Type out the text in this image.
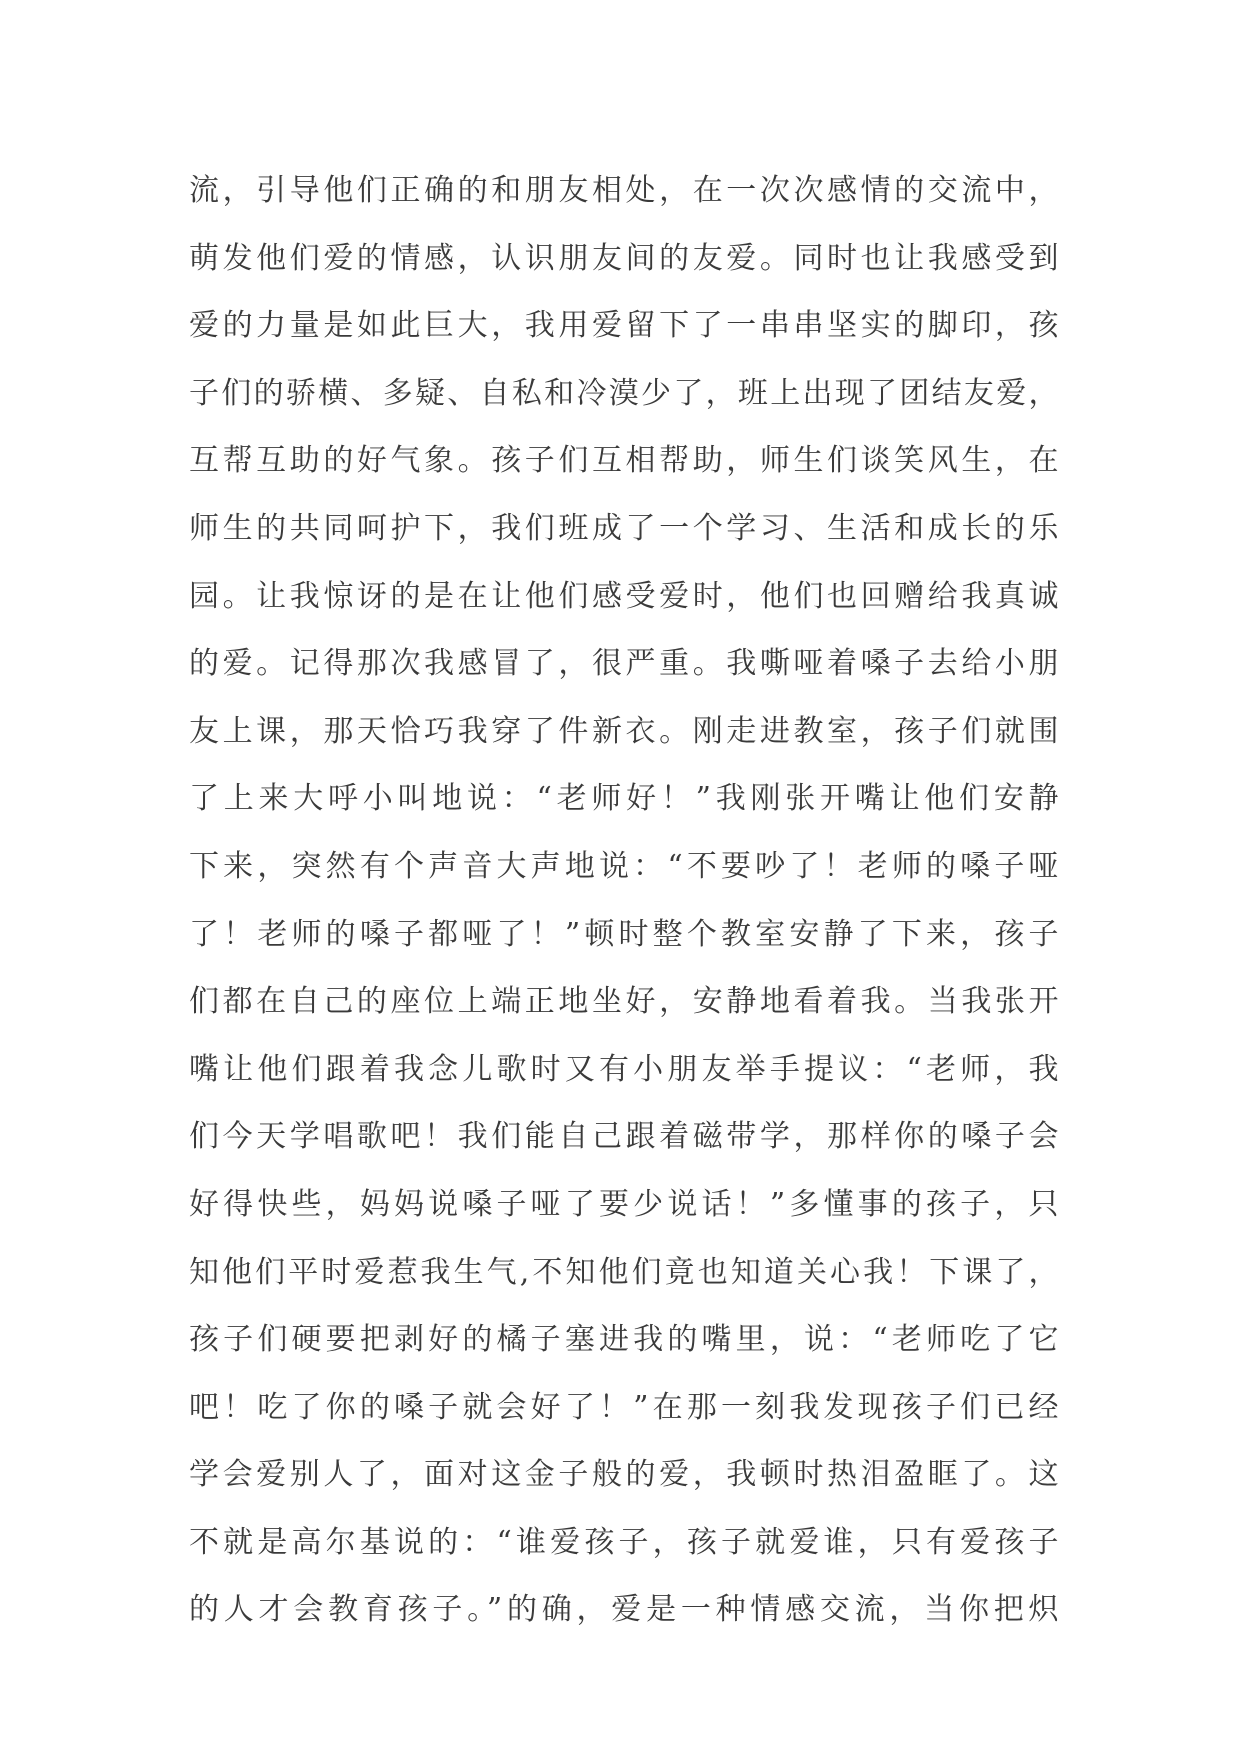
流，引导他们正确的和朋友相处，在一次次感情的交流中，
萌发他们爱的情感，认识朋友间的友爱。同时也让我感受到
爱的力量是如此巨大，我用爱留下了一串串坚实的脚印，孩
子们的骄横、多疑、自私和冷漠少了，班上出现了团结友爱，
互帮互助的好气象。孩子们互相帮助，师生们谈笑风生，在
师生的共同呵护下，我们班成了一个学习、生活和成长的乐
园。让我惊讶的是在让他们感受爱时，他们也回赠给我真诚
的爱。记得那次我感冒了，很严重。我嘶哑着嗓子去给小朋
友上课，那天恰巧我穿了件新衣。刚走进教室，孩子们就围
了上来大呼小叫地说：“老师好！”我刚张开嘴让他们安静
下来，突然有个声音大声地说：“不要吵了！老师的嗓子哑
了！老师的嗓子都哑了！”顿时整个教室安静了下来，孩子
们都在自己的座位上端正地坐好，安静地看着我。当我张开
嘴让他们跟着我念儿歌时又有小朋友举手提议：“老师，我
们今天学唱歌吧！我们能自己跟着磁带学，那样你的嗓子会
好得快些，妈妈说嗓子哑了要少说话！”多懂事的孩子，只
知他们平时爱惹我生气,不知他们竟也知道关心我！下课了，
孩子们硬要把剥好的橘子塞进我的嘴里，说：“老师吃了它
吧！吃了你的嗓子就会好了！”在那一刻我发现孩子们已经
学会爱别人了，面对这金子般的爱，我顿时热泪盈眶了。这
不就是高尔基说的：“谁爱孩子，孩子就爱谁，只有爱孩子
的人才会教育孩子。”的确，爱是一种情感交流，当你把炽
